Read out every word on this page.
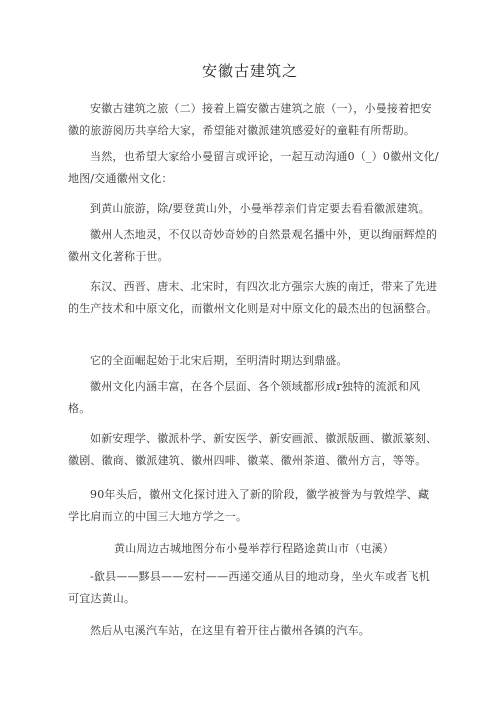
安徽古建筑之
安徽古建筑之旅（二）接着上篇安徽古建筑之旅（一），小曼接着把安徽的旅游阅历共享给大家，希望能对徽派建筑感爱好的童鞋有所帮助。
当然，也希望大家给小曼留言或评论，一起互动沟通0（_）0徽州文化/地图/交通徽州文化：
到黄山旅游，除/要登黄山外，小曼举荐亲们肯定要去看看徽派建筑。
徽州人杰地灵，不仅以奇妙奇妙的自然景观名播中外，更以绚丽辉煌的徽州文化著称于世。
东汉、西晋、唐末、北宋时，有四次北方强宗大族的南迁，带来了先进的生产技术和中原文化，而徽州文化则是对中原文化的最杰出的包涵整合。
它的全面崛起始于北宋后期，至明清时期达到鼎盛。
徽州文化内涵丰富，在各个层面、各个领域都形成r独特的流派和风格。
如新安理学、徽派朴学、新安医学、新安画派、徽派版画、徽派篆刻、徽剧、徽商、徽派建筑、徽州四啡、徽菜、徽州茶道、徽州方言，等等。
90年头后，徽州文化探讨进入了新的阶段，徽学被誉为与敦煌学、藏学比肩而立的中国三大地方学之一。
黄山周边古城地图分布小曼举荐行程路途黄山市（屯溪）
-歙县——黟县——宏村——西递交通从目的地动身，坐火车或者飞机可宜达黄山。
然后从屯溪汽车站，在这里有着开往占徽州各镇的汽车。
